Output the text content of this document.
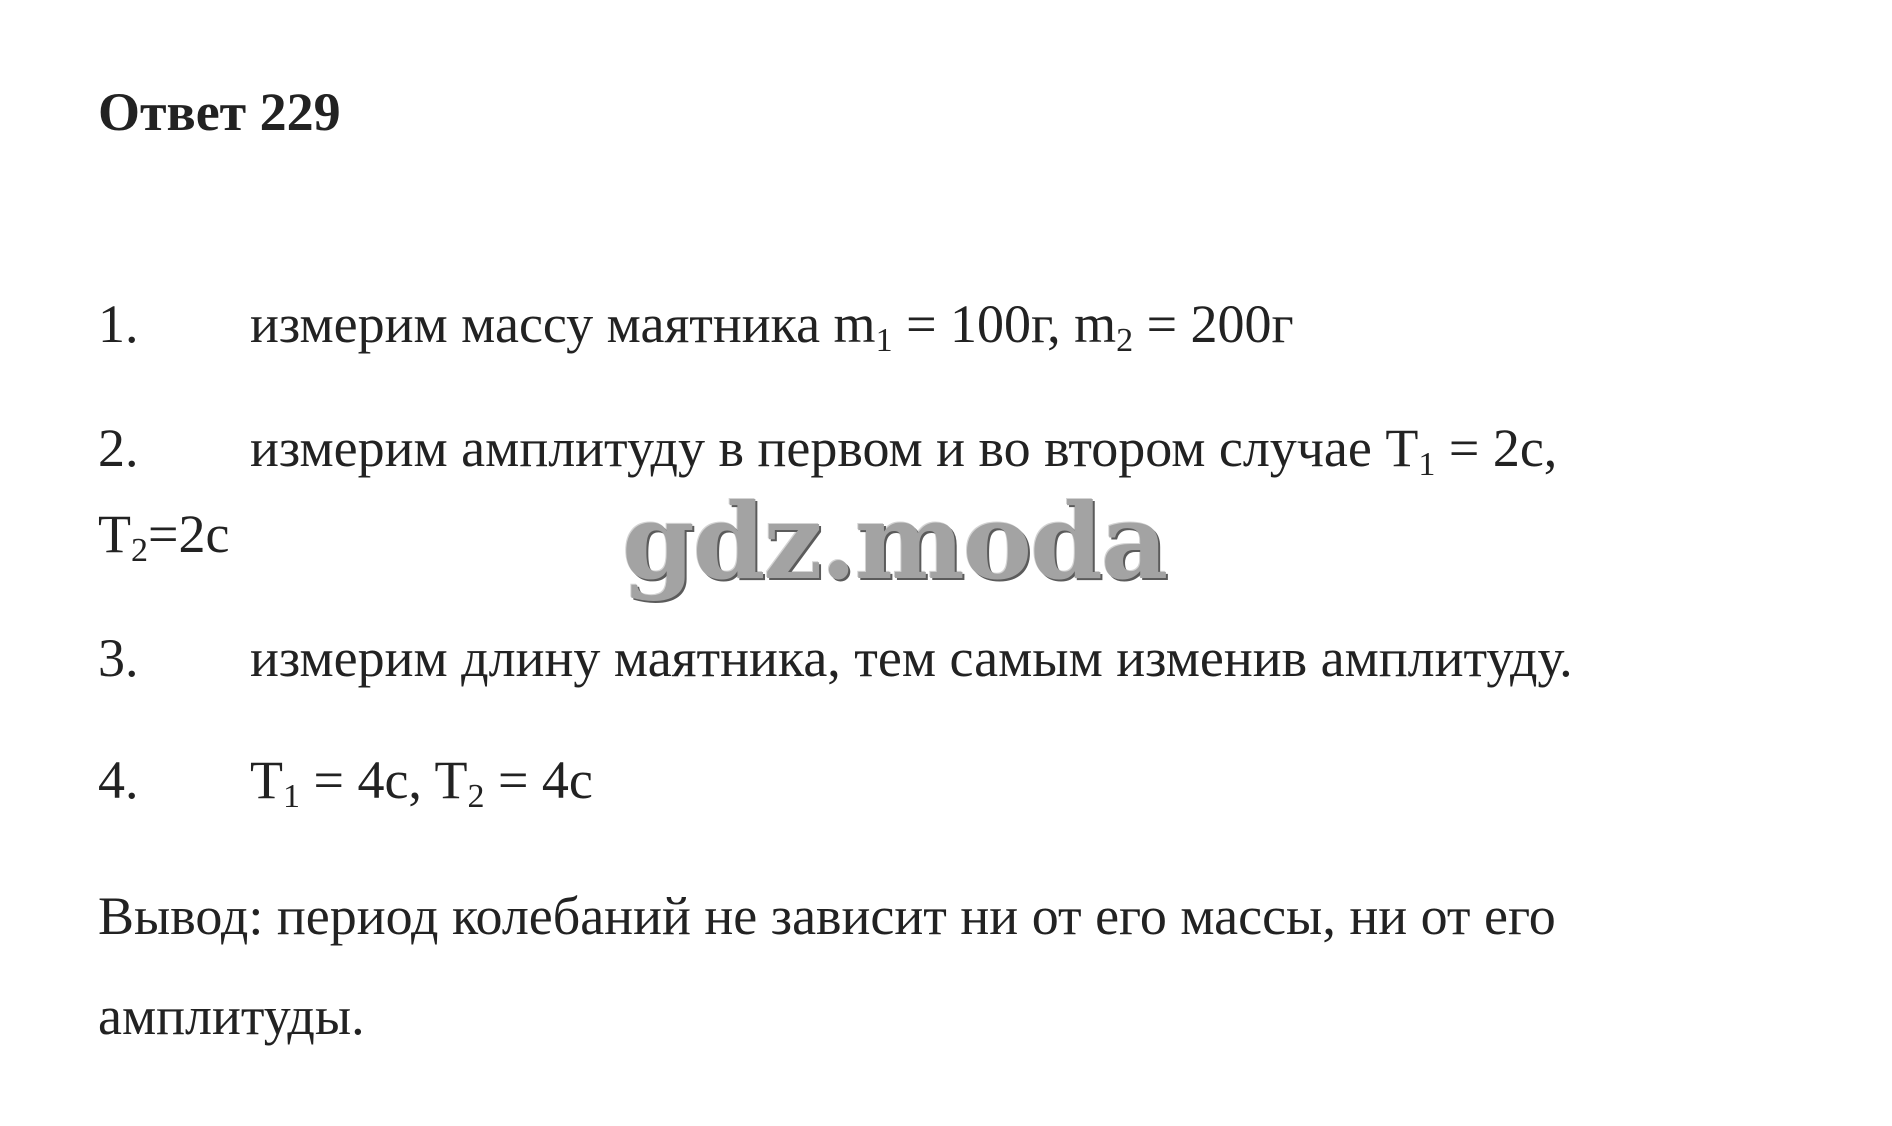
Ответ 229
1. измерим массу маятника $m_1 = 100г$, $m_2 = 200г$
2. измерим амплитуду в первом и во втором случае $T_1 = 2c$,
$T_2=2c$
3. измерим длину маятника, тем самым изменив амплитуду.
4. $T_1 = 4c$, $T_2 = 4c$

Вывод: период колебаний не зависит ни от его массы, ни от его

амплитуды.

gdz.moda
